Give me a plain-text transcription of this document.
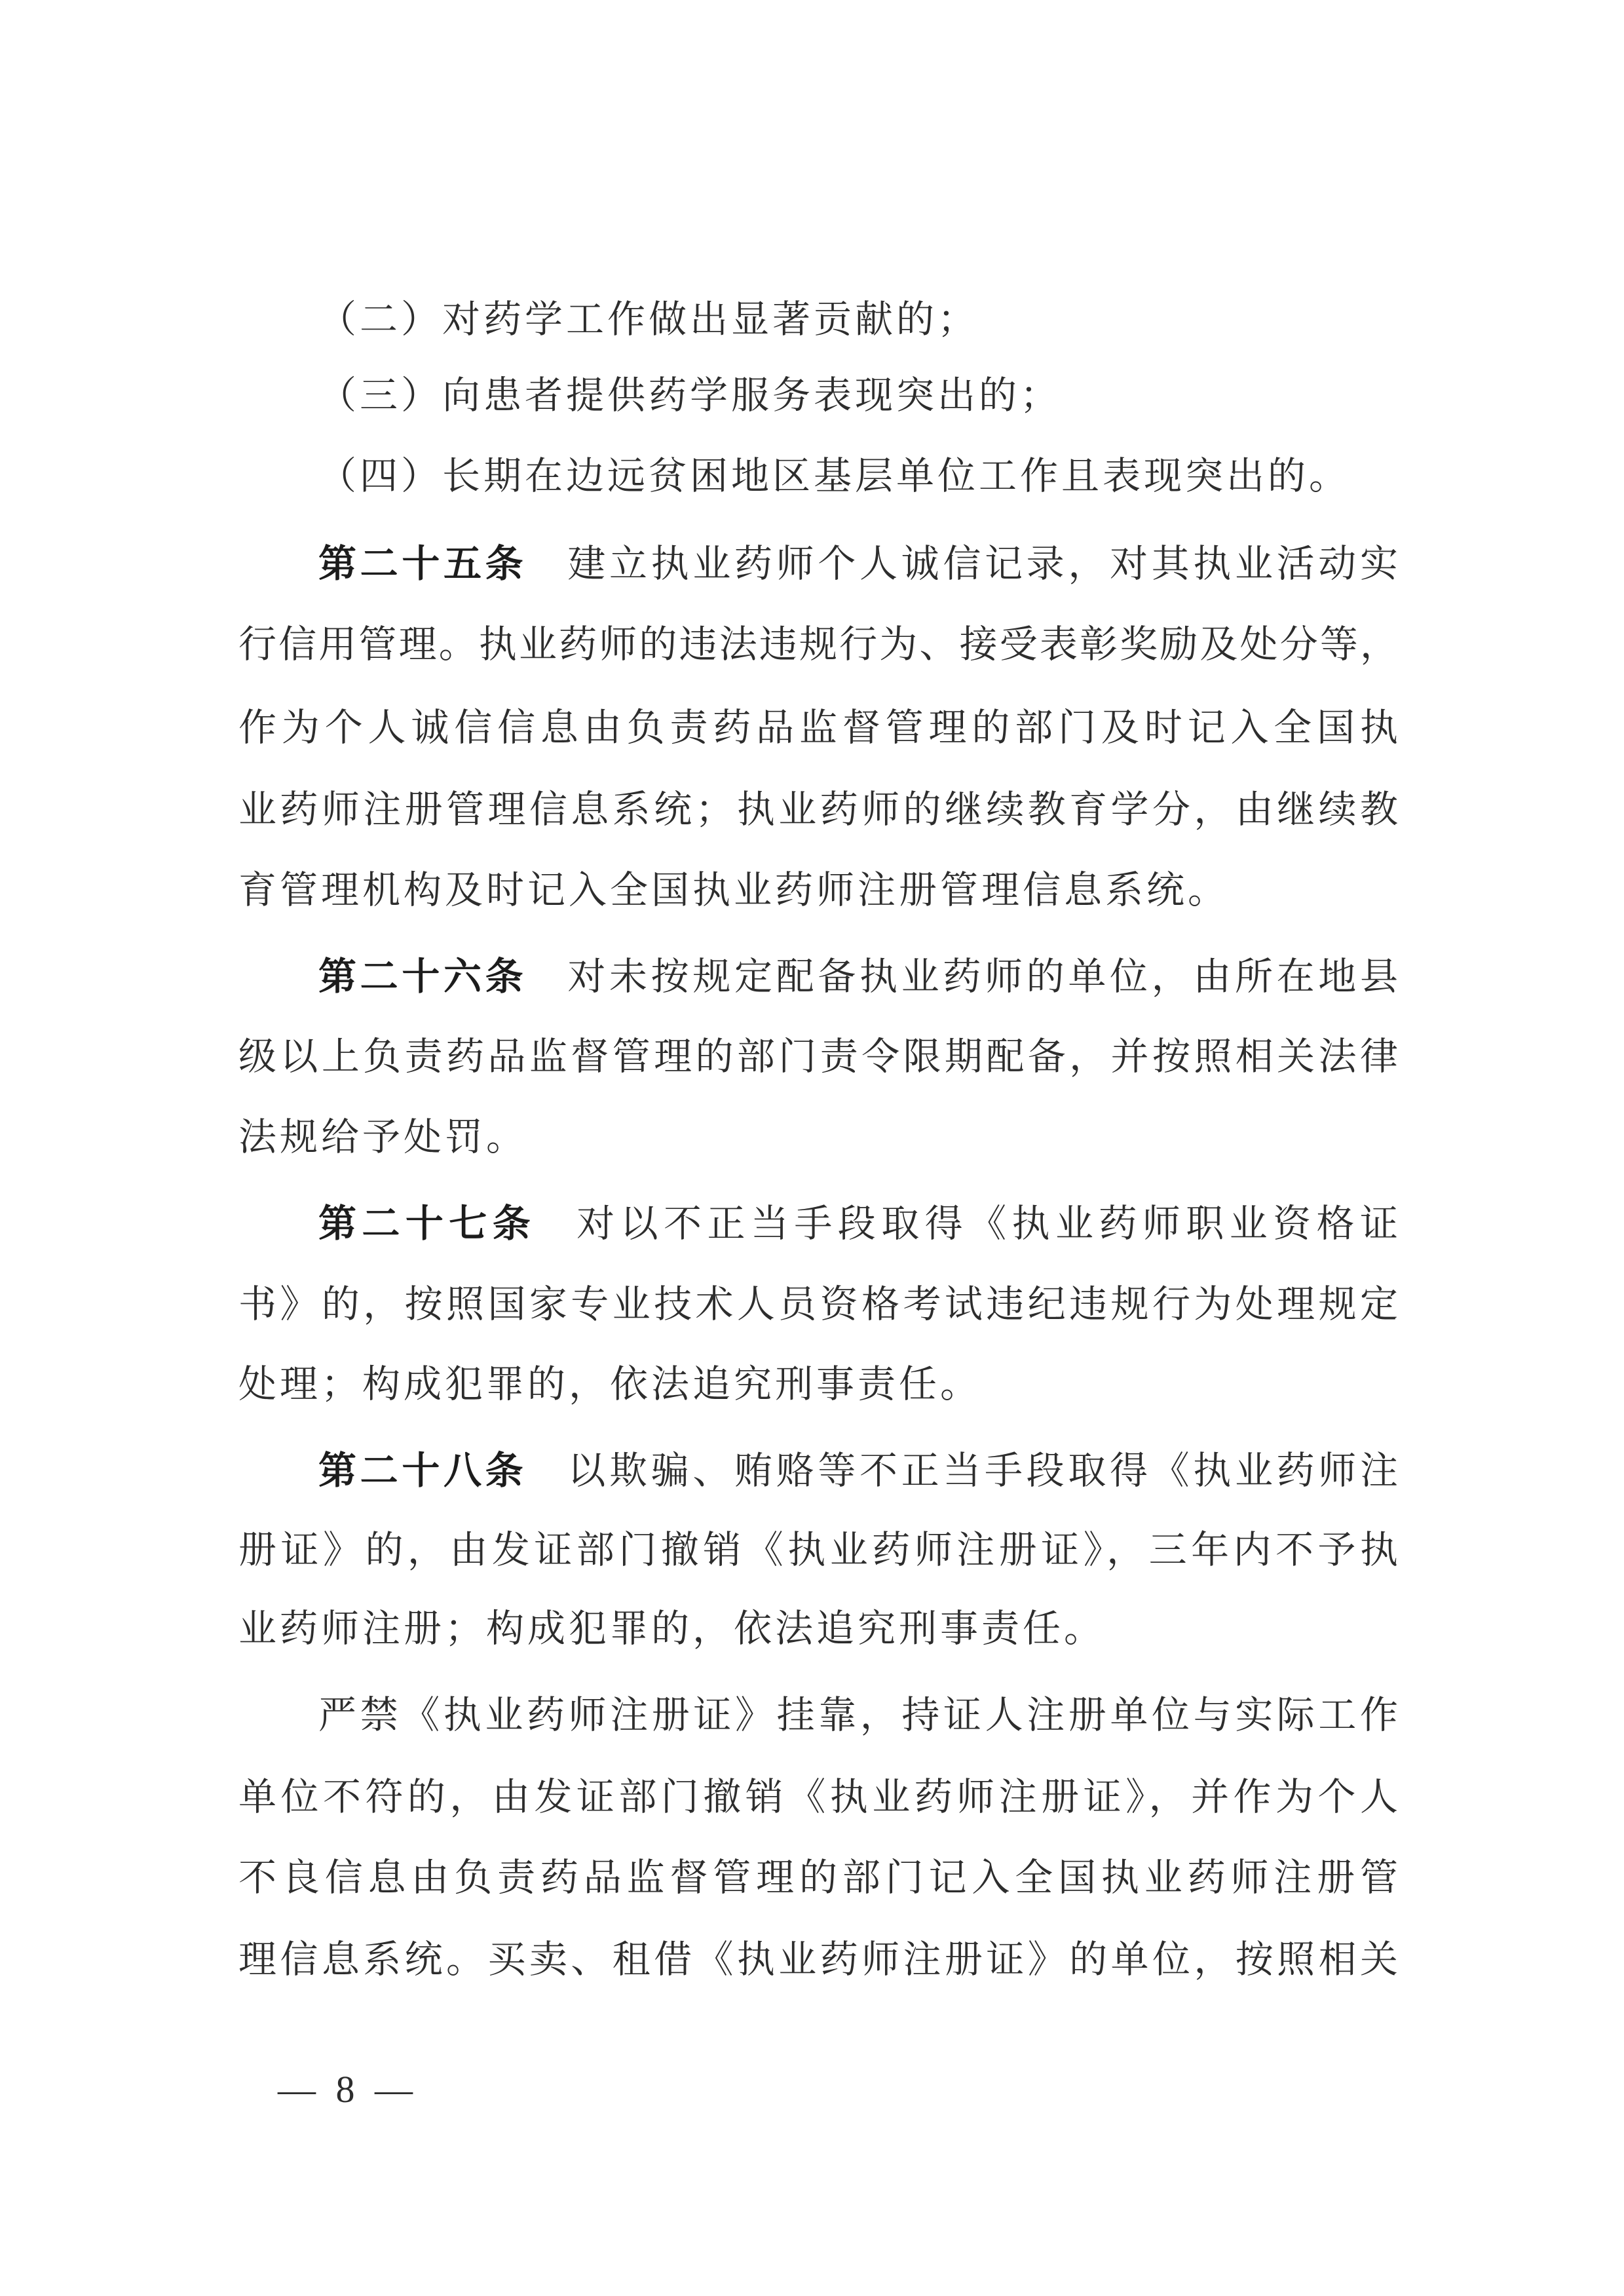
（二）对药学工作做出显著贡献的；
（三）向患者提供药学服务表现突出的；
（四）长期在边远贫困地区基层单位工作且表现突出的。
第二十五条 建立执业药师个人诚信记录，对其执业活动实
行信用管理。执业药师的违法违规行为、接受表彰奖励及处分等，
作为个人诚信信息由负责药品监督管理的部门及时记入全国执
业药师注册管理信息系统；执业药师的继续教育学分，由继续教
育管理机构及时记入全国执业药师注册管理信息系统。
第二十六条 对未按规定配备执业药师的单位，由所在地县
级以上负责药品监督管理的部门责令限期配备，并按照相关法律
法规给予处罚。
第二十七条 对以不正当手段取得《执业药师职业资格证
书》的，按照国家专业技术人员资格考试违纪违规行为处理规定
处理；构成犯罪的，依法追究刑事责任。
第二十八条 以欺骗、贿赂等不正当手段取得《执业药师注
册证》的，由发证部门撤销《执业药师注册证》，三年内不予执
业药师注册；构成犯罪的，依法追究刑事责任。
严禁《执业药师注册证》挂靠，持证人注册单位与实际工作
单位不符的，由发证部门撤销《执业药师注册证》，并作为个人
不良信息由负责药品监督管理的部门记入全国执业药师注册管
理信息系统。买卖、租借《执业药师注册证》的单位，按照相关
— 8 —
